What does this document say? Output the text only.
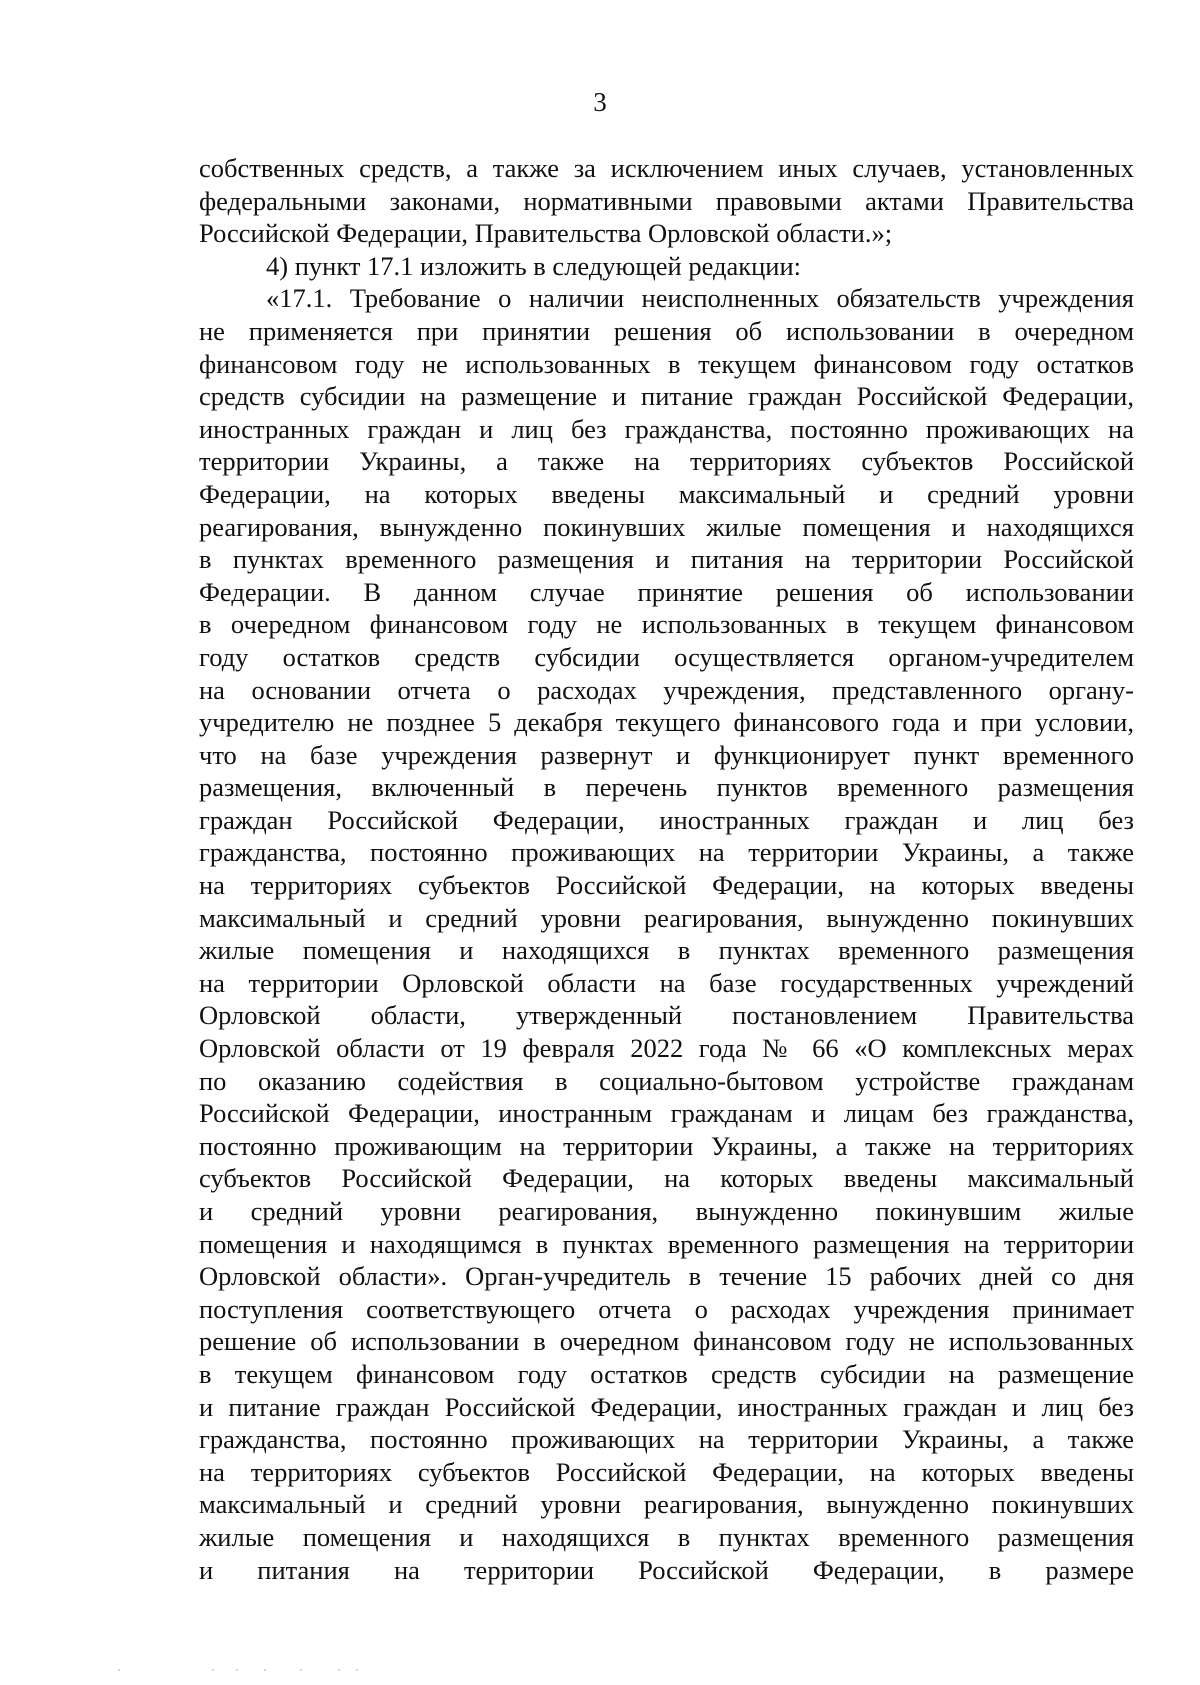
3
собственных средств, а также за исключением иных случаев, установленных
федеральными законами, нормативными правовыми актами Правительства
Российской Федерации, Правительства Орловской области.»;
4) пункт 17.1 изложить в следующей редакции:
«17.1. Требование о наличии неисполненных обязательств учреждения
не применяется при принятии решения об использовании в очередном
финансовом году не использованных в текущем финансовом году остатков
средств субсидии на размещение и питание граждан Российской Федерации,
иностранных граждан и лиц без гражданства, постоянно проживающих на
территории Украины, а также на территориях субъектов Российской
Федерации, на которых введены максимальный и средний уровни
реагирования, вынужденно покинувших жилые помещения и находящихся
в пунктах временного размещения и питания на территории Российской
Федерации. В данном случае принятие решения об использовании
в очередном финансовом году не использованных в текущем финансовом
году остатков средств субсидии осуществляется органом-учредителем
на основании отчета о расходах учреждения, представленного органу-
учредителю не позднее 5 декабря текущего финансового года и при условии,
что на базе учреждения развернут и функционирует пункт временного
размещения, включенный в перечень пунктов временного размещения
граждан Российской Федерации, иностранных граждан и лиц без
гражданства, постоянно проживающих на территории Украины, а также
на территориях субъектов Российской Федерации, на которых введены
максимальный и средний уровни реагирования, вынужденно покинувших
жилые помещения и находящихся в пунктах временного размещения
на территории Орловской области на базе государственных учреждений
Орловской области, утвержденный постановлением Правительства
Орловской области от 19 февраля 2022 года № 66 «О комплексных мерах
по оказанию содействия в социально-бытовом устройстве гражданам
Российской Федерации, иностранным гражданам и лицам без гражданства,
постоянно проживающим на территории Украины, а также на территориях
субъектов Российской Федерации, на которых введены максимальный
и средний уровни реагирования, вынужденно покинувшим жилые
помещения и находящимся в пунктах временного размещения на территории
Орловской области». Орган-учредитель в течение 15 рабочих дней со дня
поступления соответствующего отчета о расходах учреждения принимает
решение об использовании в очередном финансовом году не использованных
в текущем финансовом году остатков средств субсидии на размещение
и питание граждан Российской Федерации, иностранных граждан и лиц без
гражданства, постоянно проживающих на территории Украины, а также
на территориях субъектов Российской Федерации, на которых введены
максимальный и средний уровни реагирования, вынужденно покинувших
жилые помещения и находящихся в пунктах временного размещения
и питания на территории Российской Федерации, в размере
